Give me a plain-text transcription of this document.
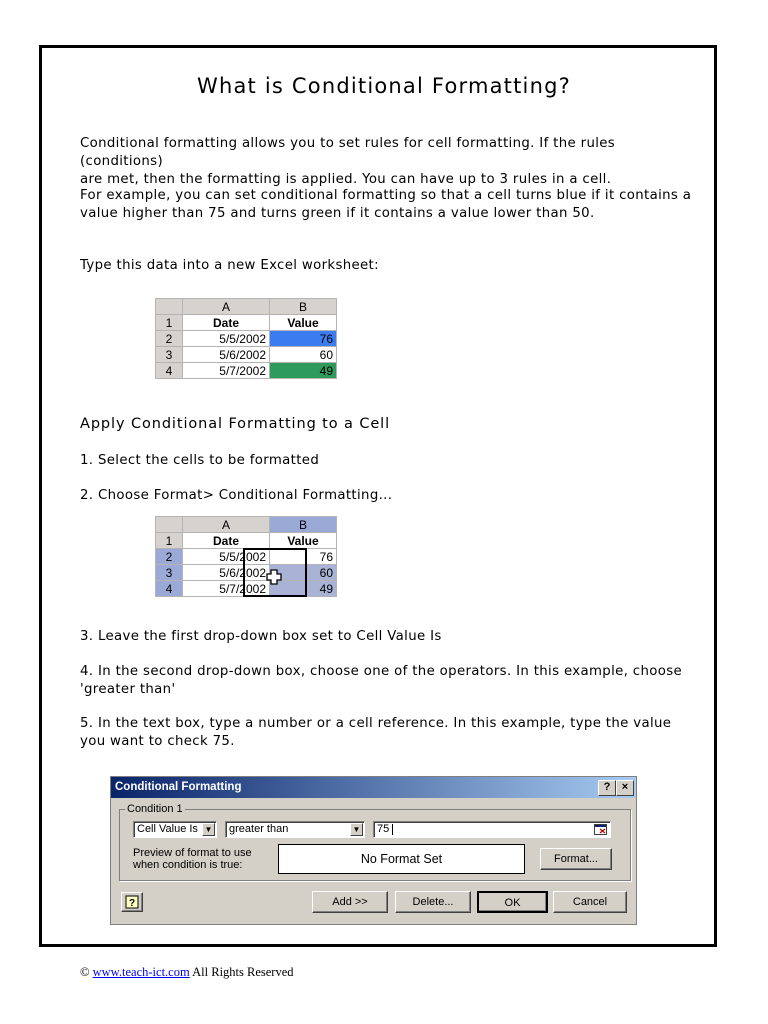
What is Conditional Formatting?

Conditional formatting allows you to set rules for cell formatting. If the rules (conditions)
are met, then the formatting is applied. You can have up to 3 rules in a cell.

For example, you can set conditional formatting so that a cell turns blue if it contains a
value higher than 75 and turns green if it contains a value lower than 50.

Type this data into a new Excel worksheet:

	A	B
1	Date	Value
2	5/5/2002	76
3	5/6/2002	60
4	5/7/2002	49
Apply Conditional Formatting to a Cell

1. Select the cells to be formatted

2. Choose Format> Conditional Formatting...

	A	B
1	Date	Value
2	5/5/2002	76
3	5/6/2002	60
4	5/7/2002	49

3. Leave the first drop-down box set to Cell Value Is

4. In the second drop-down box, choose one of the operators. In this example, choose
'greater than'

5. In the text box, type a number or a cell reference. In this example, type the value
you want to check 75.

Conditional Formatting	?	×
Condition 1
Cell Value Is ▼	greater than	▼	75
Preview of format to use
when condition is true:	No Format Set	Format...
?	Add >>	Delete...	OK	Cancel
© www.teach-ict.com All Rights Reserved
